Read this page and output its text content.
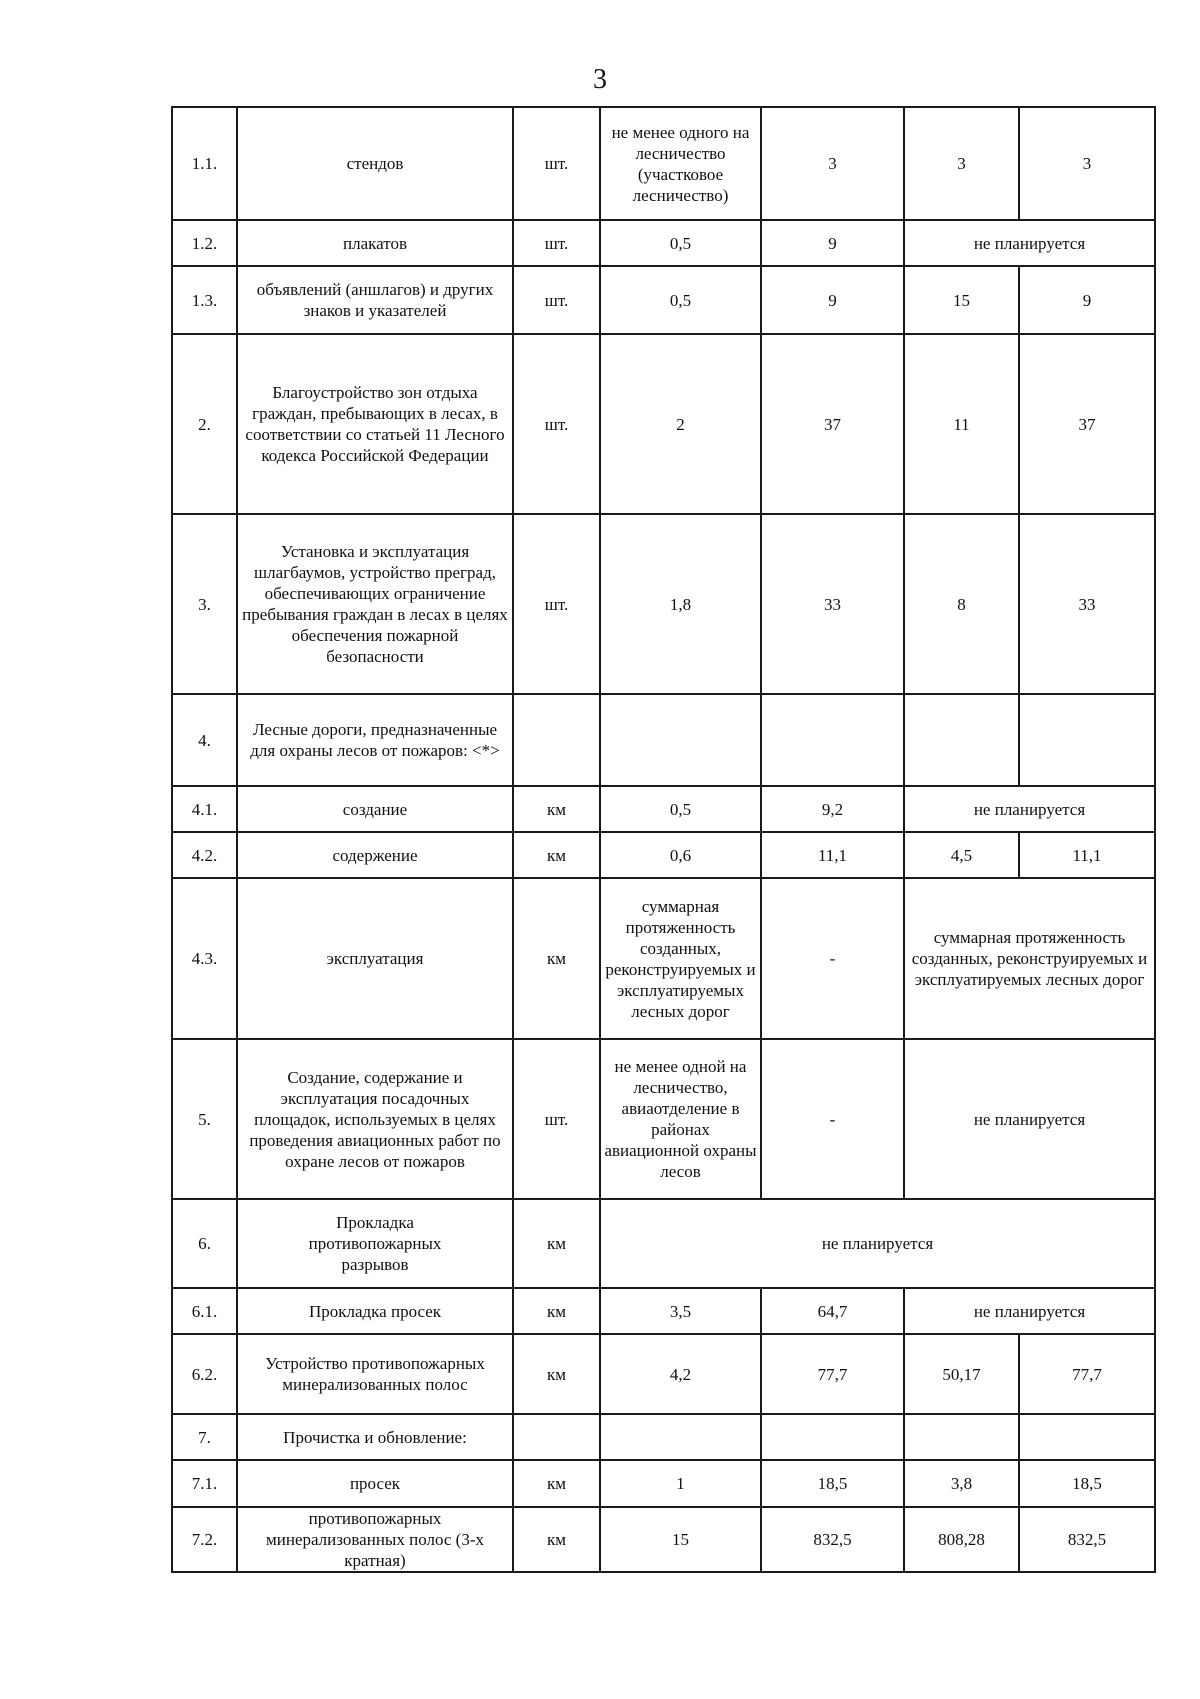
3
1.1.	стендов	шт.	не менее одного на лесничество (участковое лесничество)	3	3	3
1.2.	плакатов	шт.	0,5	9	не планируется	
1.3.	объявлений (аншлагов) и других знаков и указателей	шт.	0,5	9	15	9
2.	Благоустройство зон отдыха граждан, пребывающих в лесах, в соответствии со статьей 11 Лесного кодекса Российской Федерации	шт.	2	37	11	37
3.	Установка и эксплуатация шлагбаумов, устройство преград, обеспечивающих ограничение пребывания граждан в лесах в целях обеспечения пожарной безопасности	шт.	1,8	33	8	33
4.	Лесные дороги, предназначенные для охраны лесов от пожаров: <*>					
4.1.	создание	км	0,5	9,2	не планируется	
4.2.	содержение	км	0,6	11,1	4,5	11,1
4.3.	эксплуатация	км	суммарная протяженность созданных, реконструируемых и эксплуатируемых лесных дорог	-	суммарная протяженность созданных, реконструируемых и эксплуатируемых лесных дорог	
5.	Создание, содержание и эксплуатация посадочных площадок, используемых в целях проведения авиационных работ по охране лесов от пожаров	шт.	не менее одной на лесничество, авиаотделение в районах авиационной охраны лесов	-	не планируется	
6.	Прокладка противопожарных разрывов	км	не планируется			
6.1.	Прокладка просек	км	3,5	64,7	не планируется	
6.2.	Устройство противопожарных минерализованных полос	км	4,2	77,7	50,17	77,7
7.	Прочистка и обновление:					
7.1.	просек	км	1	18,5	3,8	18,5
7.2.	противопожарных минерализованных полос (3-х кратная)	км	15	832,5	808,28	832,5
